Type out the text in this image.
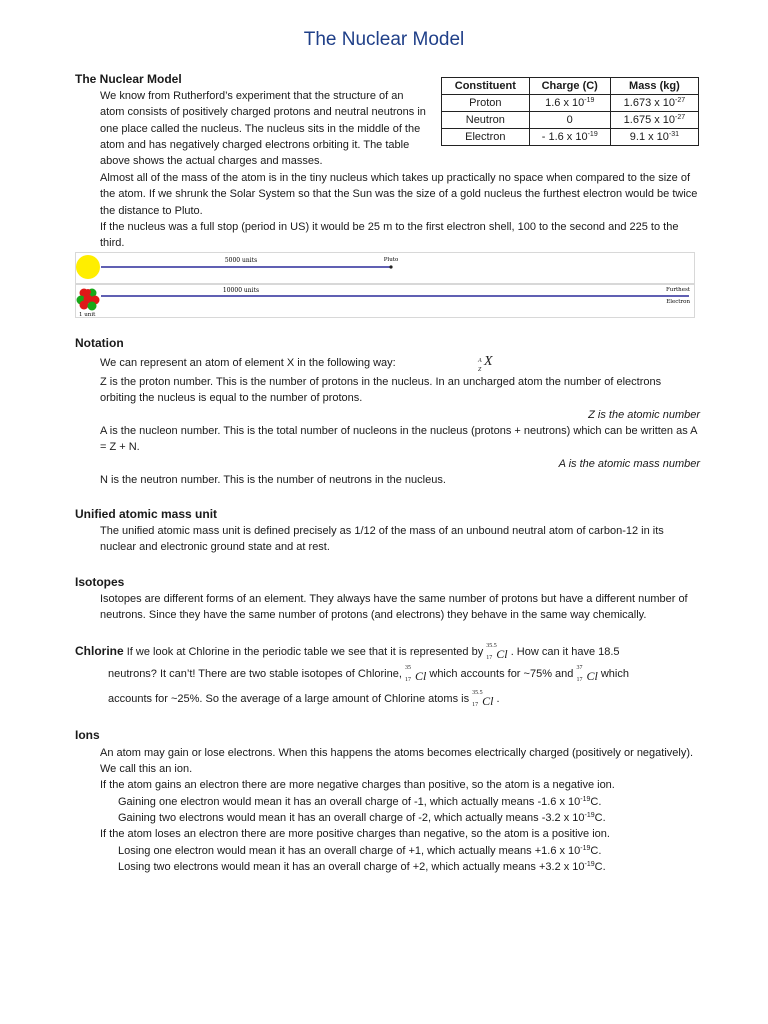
The Nuclear Model
The Nuclear Model
We know from Rutherford’s experiment that the structure of an atom consists of positively charged protons and neutral neutrons in one place called the nucleus. The nucleus sits in the middle of the atom and has negatively charged electrons orbiting it. The table above shows the actual charges and masses.
Constituent	Charge (C)	Mass (kg)
Proton	1.6 x $10^{-19}$	1.673 x $10^{-27}$
Neutron	0	1.675 x $10^{-27}$
Electron	- 1.6 x $10^{-19}$	9.1 x $10^{-31}$
Almost all of the mass of the atom is in the tiny nucleus which takes up practically no space when compared to the size of the atom. If we shrunk the Solar System so that the Sun was the size of a gold nucleus the furthest electron would be twice the distance to Pluto.
If the nucleus was a full stop (period in US) it would be 25 m to the first electron shell, 100 to the second and 225 to the third.
5000 units	Pluto
10000 units	Furthest
Electron
1 unit
Notation
We can represent an atom of element X in the following way:	A
Z
X
Z is the proton number. This is the number of protons in the nucleus. In an uncharged atom the number of electrons orbiting the nucleus is equal to the number of protons.
Z is the atomic number
A is the nucleon number. This is the total number of nucleons in the nucleus (protons + neutrons) which can be written as A = Z + N.
A is the atomic mass number
N is the neutron number. This is the number of neutrons in the nucleus.
Unified atomic mass unit
The unified atomic mass unit is defined precisely as 1/12 of the mass of an unbound neutral atom of carbon-12 in its nuclear and electronic ground state and at rest.
Isotopes
Isotopes are different forms of an element. They always have the same number of protons but have a different number of neutrons. Since they have the same number of protons (and electrons) they behave in the same way chemically.
Chlorine If we look at Chlorine in the periodic table we see that it is represented by 35.5
17 Cl . How can it have 18.5
neutrons? It can’t! There are two stable isotopes of Chlorine, 35
17 Cl which accounts for ~75% and 37
17 Cl which
accounts for ~25%. So the average of a large amount of Chlorine atoms is 35.5
17 Cl .
Ions
An atom may gain or lose electrons. When this happens the atoms becomes electrically charged (positively or negatively). We call this an ion.
If the atom gains an electron there are more negative charges than positive, so the atom is a negative ion.
Gaining one electron would mean it has an overall charge of -1, which actually means -1.6 x $10^{-19}C$.
Gaining two electrons would mean it has an overall charge of -2, which actually means -3.2 x $10^{-19}C$.
If the atom loses an electron there are more positive charges than negative, so the atom is a positive ion.
Losing one electron would mean it has an overall charge of +1, which actually means +1.6 x $10^{-19}C$.
Losing two electrons would mean it has an overall charge of +2, which actually means +3.2 x $10^{-19}C$.
